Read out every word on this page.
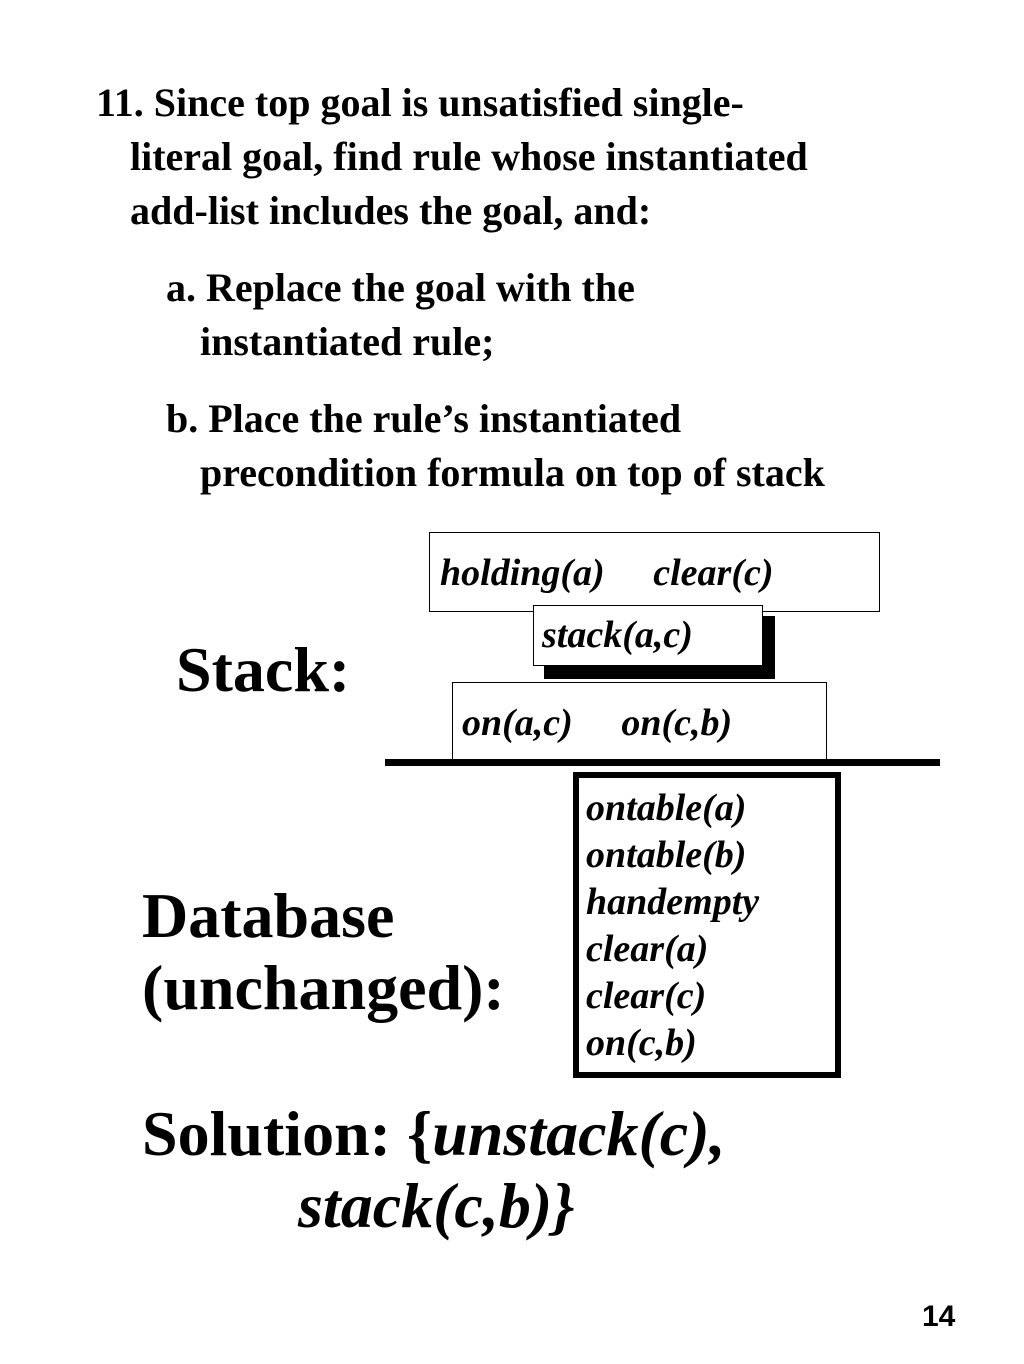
11. Since top goal is unsatisfied single-
literal goal, find rule whose instantiated
add-list includes the goal, and:
a. Replace the goal with the
instantiated rule;
b. Place the rule’s instantiated
precondition formula on top of stack
Stack:
holding(a) clear(c)
stack(a,c)
on(a,c) on(c,b)
Database
(unchanged):
ontable(a)
ontable(b)
handempty
clear(a)
clear(c)
on(c,b)
Solution: {unstack(c),
stack(c,b)}
14
